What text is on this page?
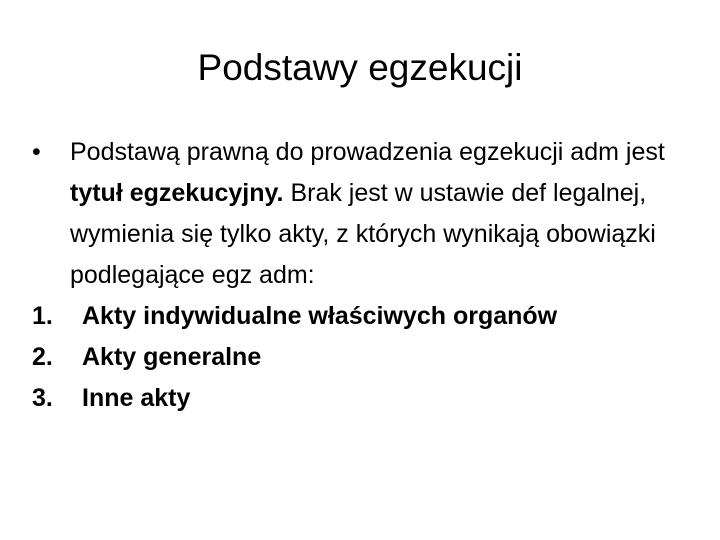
Podstawy egzekucji
•	Podstawą prawną do prowadzenia egzekucji adm jest tytuł egzekucyjny. Brak jest w ustawie def legalnej, wymienia się tylko akty, z których wynikają obowiązki podlegające egz adm:
1.	Akty indywidualne właściwych organów
2.	Akty generalne
3.	Inne akty
